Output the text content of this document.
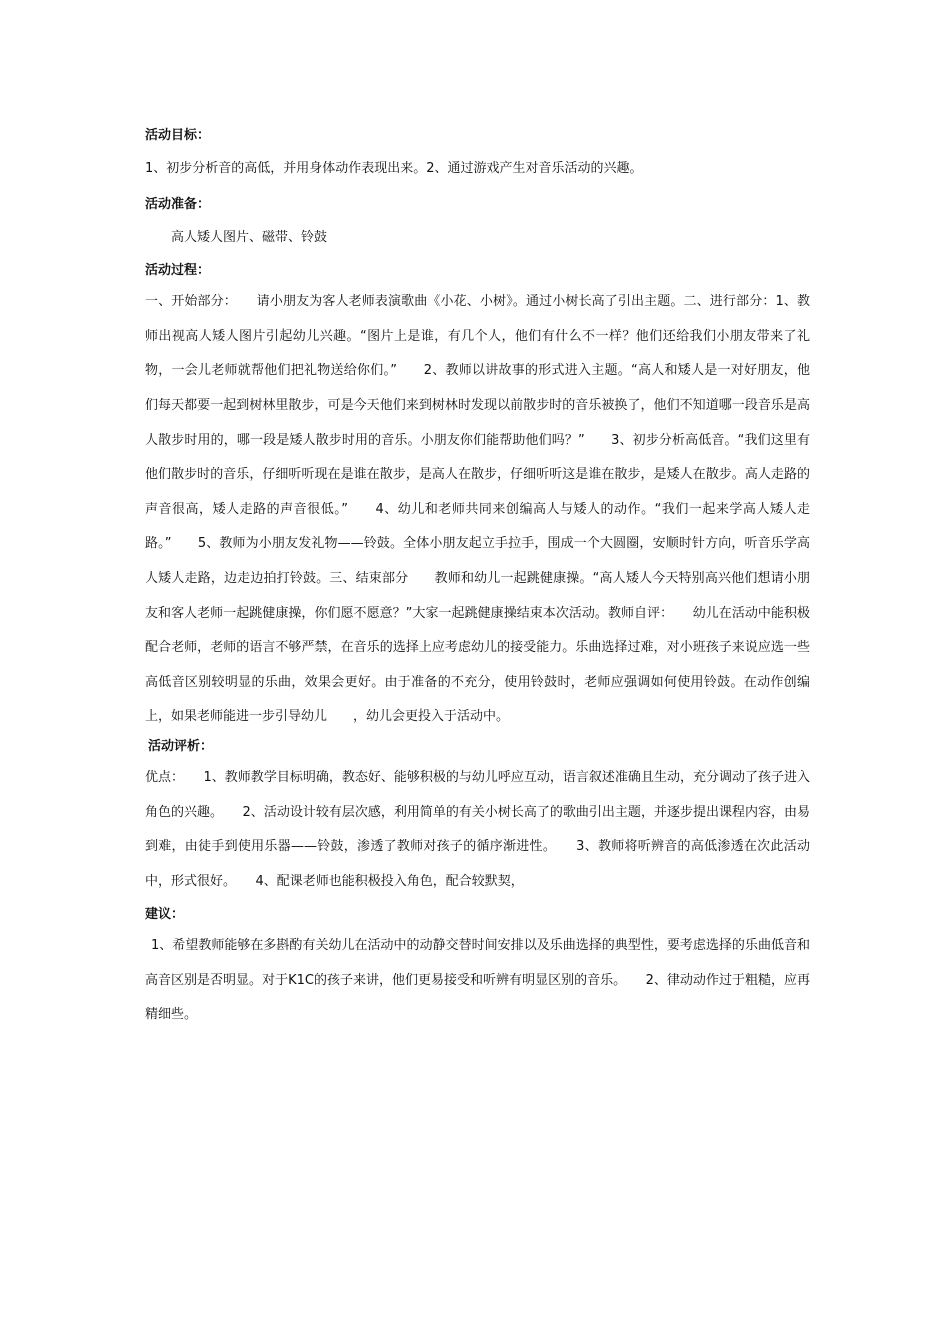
活动目标：

1、初步分析音的高低，并用身体动作表现出来。2、通过游戏产生对音乐活动的兴趣。

活动准备：

高人矮人图片、磁带、铃鼓

活动过程：

一、开始部分：　　请小朋友为客人老师表演歌曲《小花、小树》。通过小树长高了引出主题。二、进行部分：1、教师出视高人矮人图片引起幼儿兴趣。“图片上是谁，有几个人，他们有什么不一样？他们还给我们小朋友带来了礼物，一会儿老师就帮他们把礼物送给你们。”　　2、教师以讲故事的形式进入主题。“高人和矮人是一对好朋友，他们每天都要一起到树林里散步，可是今天他们来到树林时发现以前散步时的音乐被换了，他们不知道哪一段音乐是高人散步时用的，哪一段是矮人散步时用的音乐。小朋友你们能帮助他们吗？”　　3、初步分析高低音。“我们这里有他们散步时的音乐，仔细听听现在是谁在散步，是高人在散步，仔细听听这是谁在散步，是矮人在散步。高人走路的声音很高，矮人走路的声音很低。”　　4、幼儿和老师共同来创编高人与矮人的动作。“我们一起来学高人矮人走路。”　　5、教师为小朋友发礼物——铃鼓。全体小朋友起立手拉手，围成一个大圆圈，安顺时针方向，听音乐学高人矮人走路，边走边拍打铃鼓。三、结束部分　　教师和幼儿一起跳健康操。“高人矮人今天特别高兴他们想请小朋友和客人老师一起跳健康操，你们愿不愿意？”大家一起跳健康操结束本次活动。教师自评：　　幼儿在活动中能积极配合老师，老师的语言不够严禁，在音乐的选择上应考虑幼儿的接受能力。乐曲选择过难，对小班孩子来说应选一些高低音区别较明显的乐曲，效果会更好。由于准备的不充分，使用铃鼓时，老师应强调如何使用铃鼓。在动作创编上，如果老师能进一步引导幼儿　　，幼儿会更投入于活动中。

活动评析：

优点：　　1、教师教学目标明确，教态好、能够积极的与幼儿呼应互动，语言叙述准确且生动，充分调动了孩子进入角色的兴趣。　　2、活动设计较有层次感，利用简单的有关小树长高了的歌曲引出主题，并逐步提出课程内容，由易到难，由徒手到使用乐器——铃鼓，渗透了教师对孩子的循序渐进性。　　3、教师将听辨音的高低渗透在次此活动中，形式很好。　　4、配课老师也能积极投入角色，配合较默契，

建议：

1、希望教师能够在多斟酌有关幼儿在活动中的动静交替时间安排以及乐曲选择的典型性，要考虑选择的乐曲低音和高音区别是否明显。对于K1C的孩子来讲，他们更易接受和听辨有明显区别的音乐。　　2、律动动作过于粗糙，应再精细些。
